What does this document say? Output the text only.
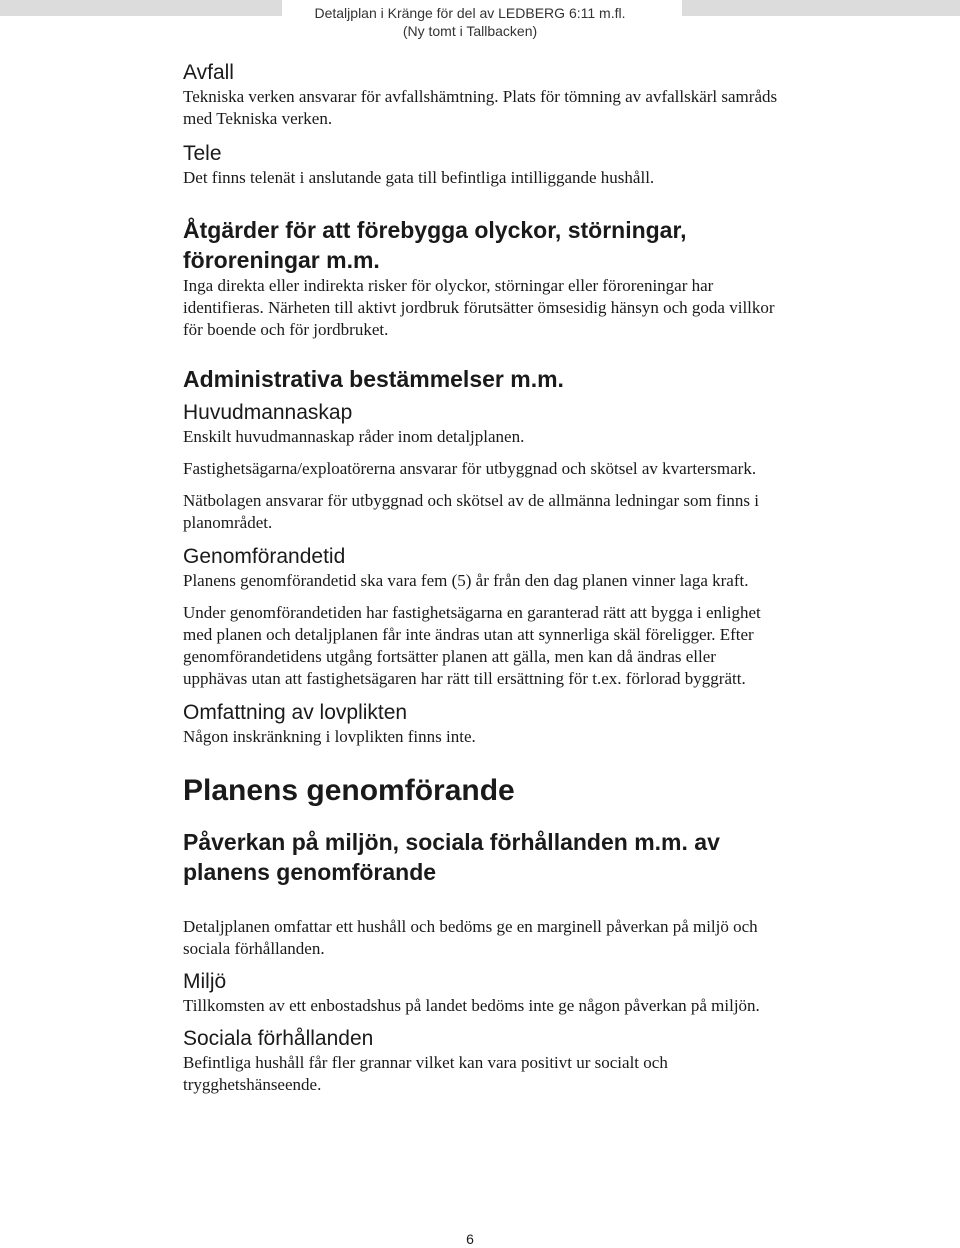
Detaljplan i Kränge för del av LEDBERG 6:11 m.fl.
(Ny tomt i Tallbacken)
Avfall

Tekniska verken ansvarar för avfallshämtning. Plats för tömning av avfallskärl samråds med Tekniska verken.

Tele

Det finns telenät i anslutande gata till befintliga intilliggande hushåll.

Åtgärder för att förebygga olyckor, störningar, föroreningar m.m.

Inga direkta eller indirekta risker för olyckor, störningar eller föroreningar har identifieras. Närheten till aktivt jordbruk förutsätter ömsesidig hänsyn och goda villkor för boende och för jordbruket.

Administrativa bestämmelser m.m.
Huvudmannaskap

Enskilt huvudmannaskap råder inom detaljplanen.

Fastighetsägarna/exploatörerna ansvarar för utbyggnad och skötsel av kvartersmark.

Nätbolagen ansvarar för utbyggnad och skötsel av de allmänna ledningar som finns i planområdet.

Genomförandetid

Planens genomförandetid ska vara fem (5) år från den dag planen vinner laga kraft.

Under genomförandetiden har fastighetsägarna en garanterad rätt att bygga i enlighet med planen och detaljplanen får inte ändras utan att synnerliga skäl föreligger. Efter genomförandetidens utgång fortsätter planen att gälla, men kan då ändras eller upphävas utan att fastighetsägaren har rätt till ersättning för t.ex. förlorad byggrätt.

Omfattning av lovplikten

Någon inskränkning i lovplikten finns inte.

Planens genomförande
Påverkan på miljön, sociala förhållanden m.m. av planens genomförande

Detaljplanen omfattar ett hushåll och bedöms ge en marginell påverkan på miljö och sociala förhållanden.

Miljö

Tillkomsten av ett enbostadshus på landet bedöms inte ge någon påverkan på miljön.

Sociala förhållanden

Befintliga hushåll får fler grannar vilket kan vara positivt ur socialt och trygghetshänseende.

6
